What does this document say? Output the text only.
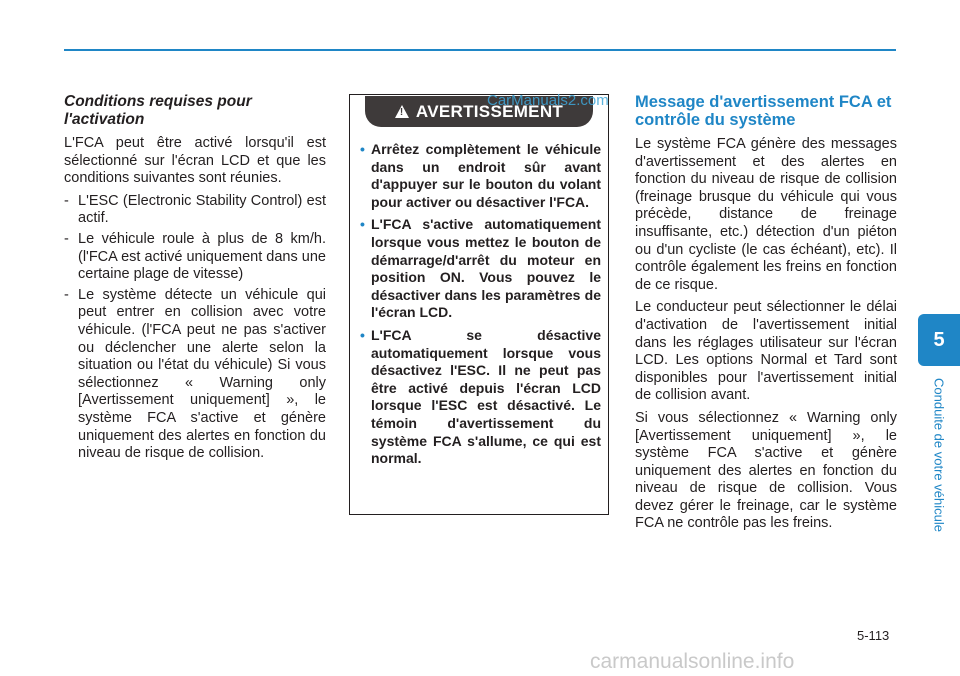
Conditions requises pour l'activation

L'FCA peut être activé lorsqu'il est sélectionné sur l'écran LCD et que les conditions suivantes sont réunies.

- L'ESC (Electronic Stability Control) est actif.
- Le véhicule roule à plus de 8 km/h. (l'FCA est activé uniquement dans une certaine plage de vitesse)
- Le système détecte un véhicule qui peut entrer en collision avec votre véhicule. (l'FCA peut ne pas s'activer ou déclencher une alerte selon la situation ou l'état du véhicule) Si vous sélectionnez « Warning only [Avertissement uniquement] », le système FCA s'active et génère uniquement des alertes en fonction du niveau de risque de collision.
!
AVERTISSEMENT
• Arrêtez complètement le véhicule dans un endroit sûr avant d'appuyer sur le bouton du volant pour activer ou désactiver l'FCA.
• L'FCA s'active automatiquement lorsque vous mettez le bouton de démarrage/d'arrêt du moteur en position ON. Vous pouvez le désactiver dans les paramètres de l'écran LCD.
• L'FCA se désactive automatiquement lorsque vous désactivez l'ESC. Il ne peut pas être activé depuis l'écran LCD lorsque l'ESC est désactivé. Le témoin d'avertissement du système FCA s'allume, ce qui est normal.
CarManuals2.com Message d'avertissement FCA et contrôle du système

Le système FCA génère des messages d'avertissement et des alertes en fonction du niveau de risque de collision (freinage brusque du véhicule qui vous précède, distance de freinage insuffisante, etc.) détection d'un piéton ou d'un cycliste (le cas échéant), etc). Il contrôle également les freins en fonction de ce risque.

Le conducteur peut sélectionner le délai d'activation de l'avertissement initial dans les réglages utilisateur sur l'écran LCD. Les options Normal et Tard sont disponibles pour l'avertissement initial de collision avant.

Si vous sélectionnez « Warning only [Avertissement uniquement] », le système FCA s'active et génère uniquement des alertes en fonction du niveau de risque de collision. Vous devez gérer le freinage, car le système FCA ne contrôle pas les freins.

5
Conduite de votre véhicule
5-113
carmanualsonline.info
